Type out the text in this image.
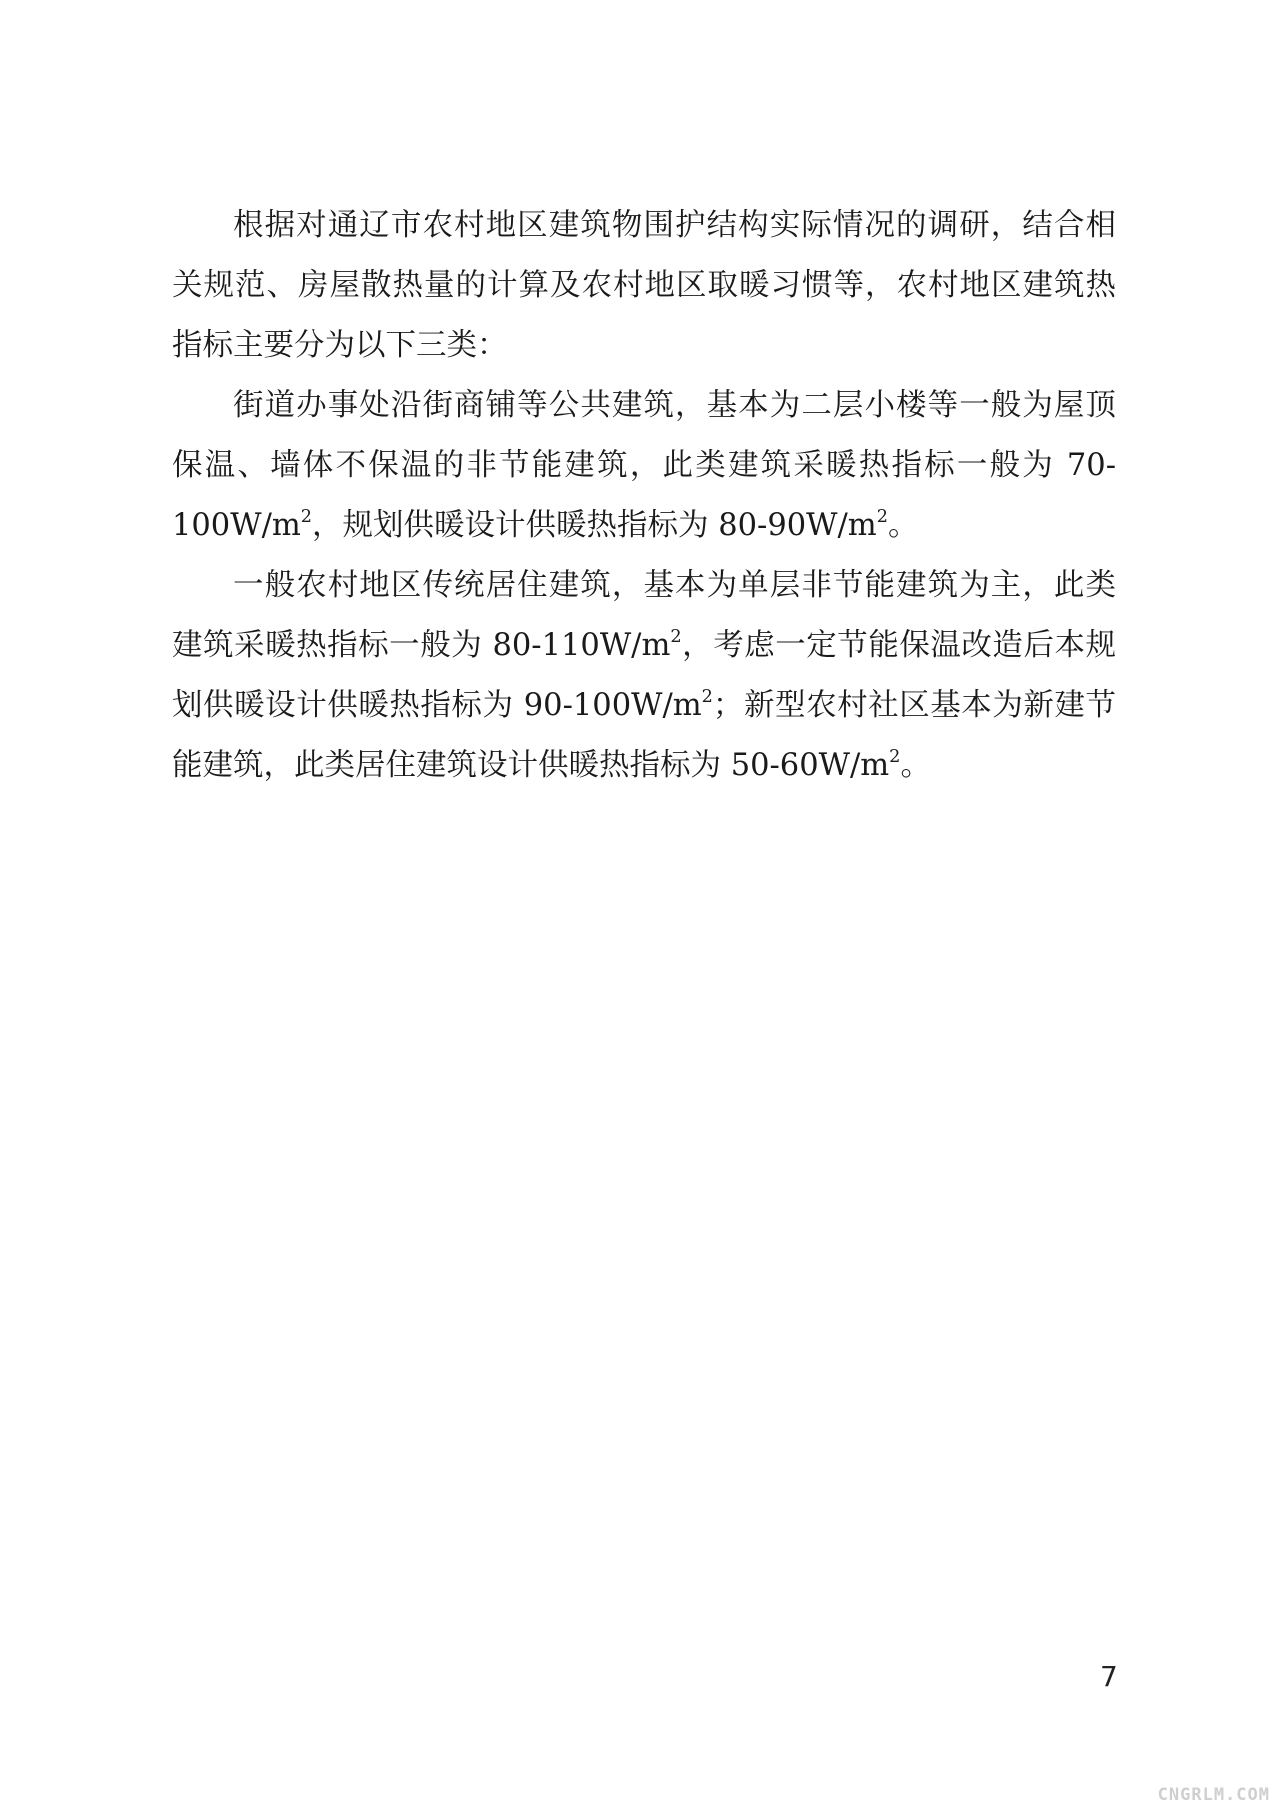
根据对通辽市农村地区建筑物围护结构实际情况的调研，结合相关规范、房屋散热量的计算及农村地区取暖习惯等，农村地区建筑热指标主要分为以下三类：

街道办事处沿街商铺等公共建筑，基本为二层小楼等一般为屋顶保温、墙体不保温的非节能建筑，此类建筑采暖热指标一般为 $70-100W/m^2$，规划供暖设计供暖热指标为 $80-90W/m^2$。

一般农村地区传统居住建筑，基本为单层非节能建筑为主，此类建筑采暖热指标一般为 $80-110W/m^2$，考虑一定节能保温改造后本规划供暖设计供暖热指标为 $90-100W/m^2$；新型农村社区基本为新建节能建筑，此类居住建筑设计供暖热指标为 $50-60W/m^2$。

7
CNGRLM.COM
